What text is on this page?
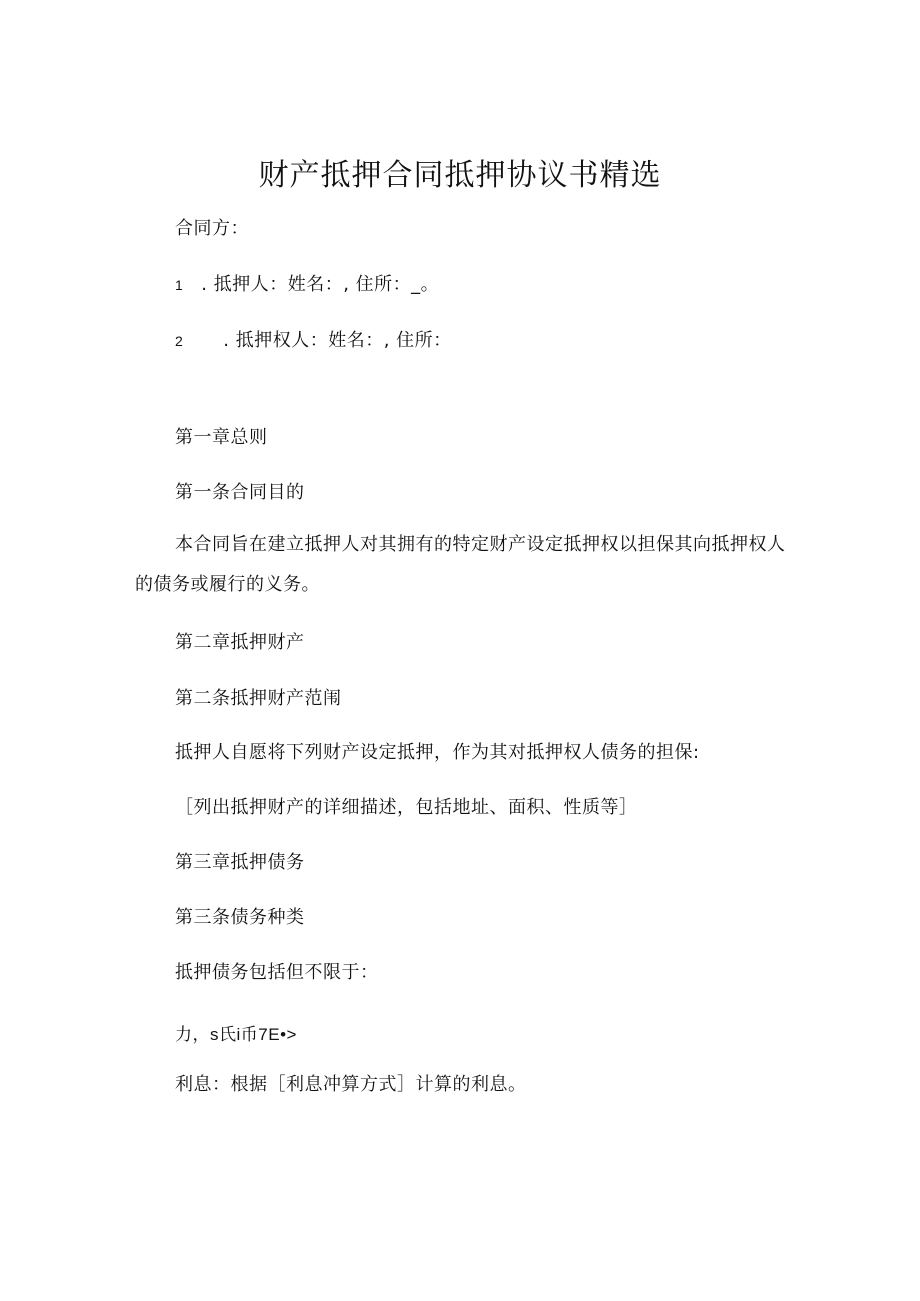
财产抵押合同抵押协议书精选
合同方：
1 . 抵押人：姓名：, 住所：_。
2 . 抵押权人：姓名：, 住所：
第一章总则
第一条合同目的
本合同旨在建立抵押人对其拥有的特定财产设定抵押权以担保其向抵押权人的债务或履行的义务。
第二章抵押财产
第二条抵押财产范闱
抵押人自愿将下列财产设定抵押，作为其对抵押权人债务的担保:
［列出抵押财产的详细描述，包括地址、面积、性质等］
第三章抵押债务
第三条债务种类
抵押债务包括但不限于：
力，s氏i币7E•>
利息：根据［利息冲算方式］计算的利息。
